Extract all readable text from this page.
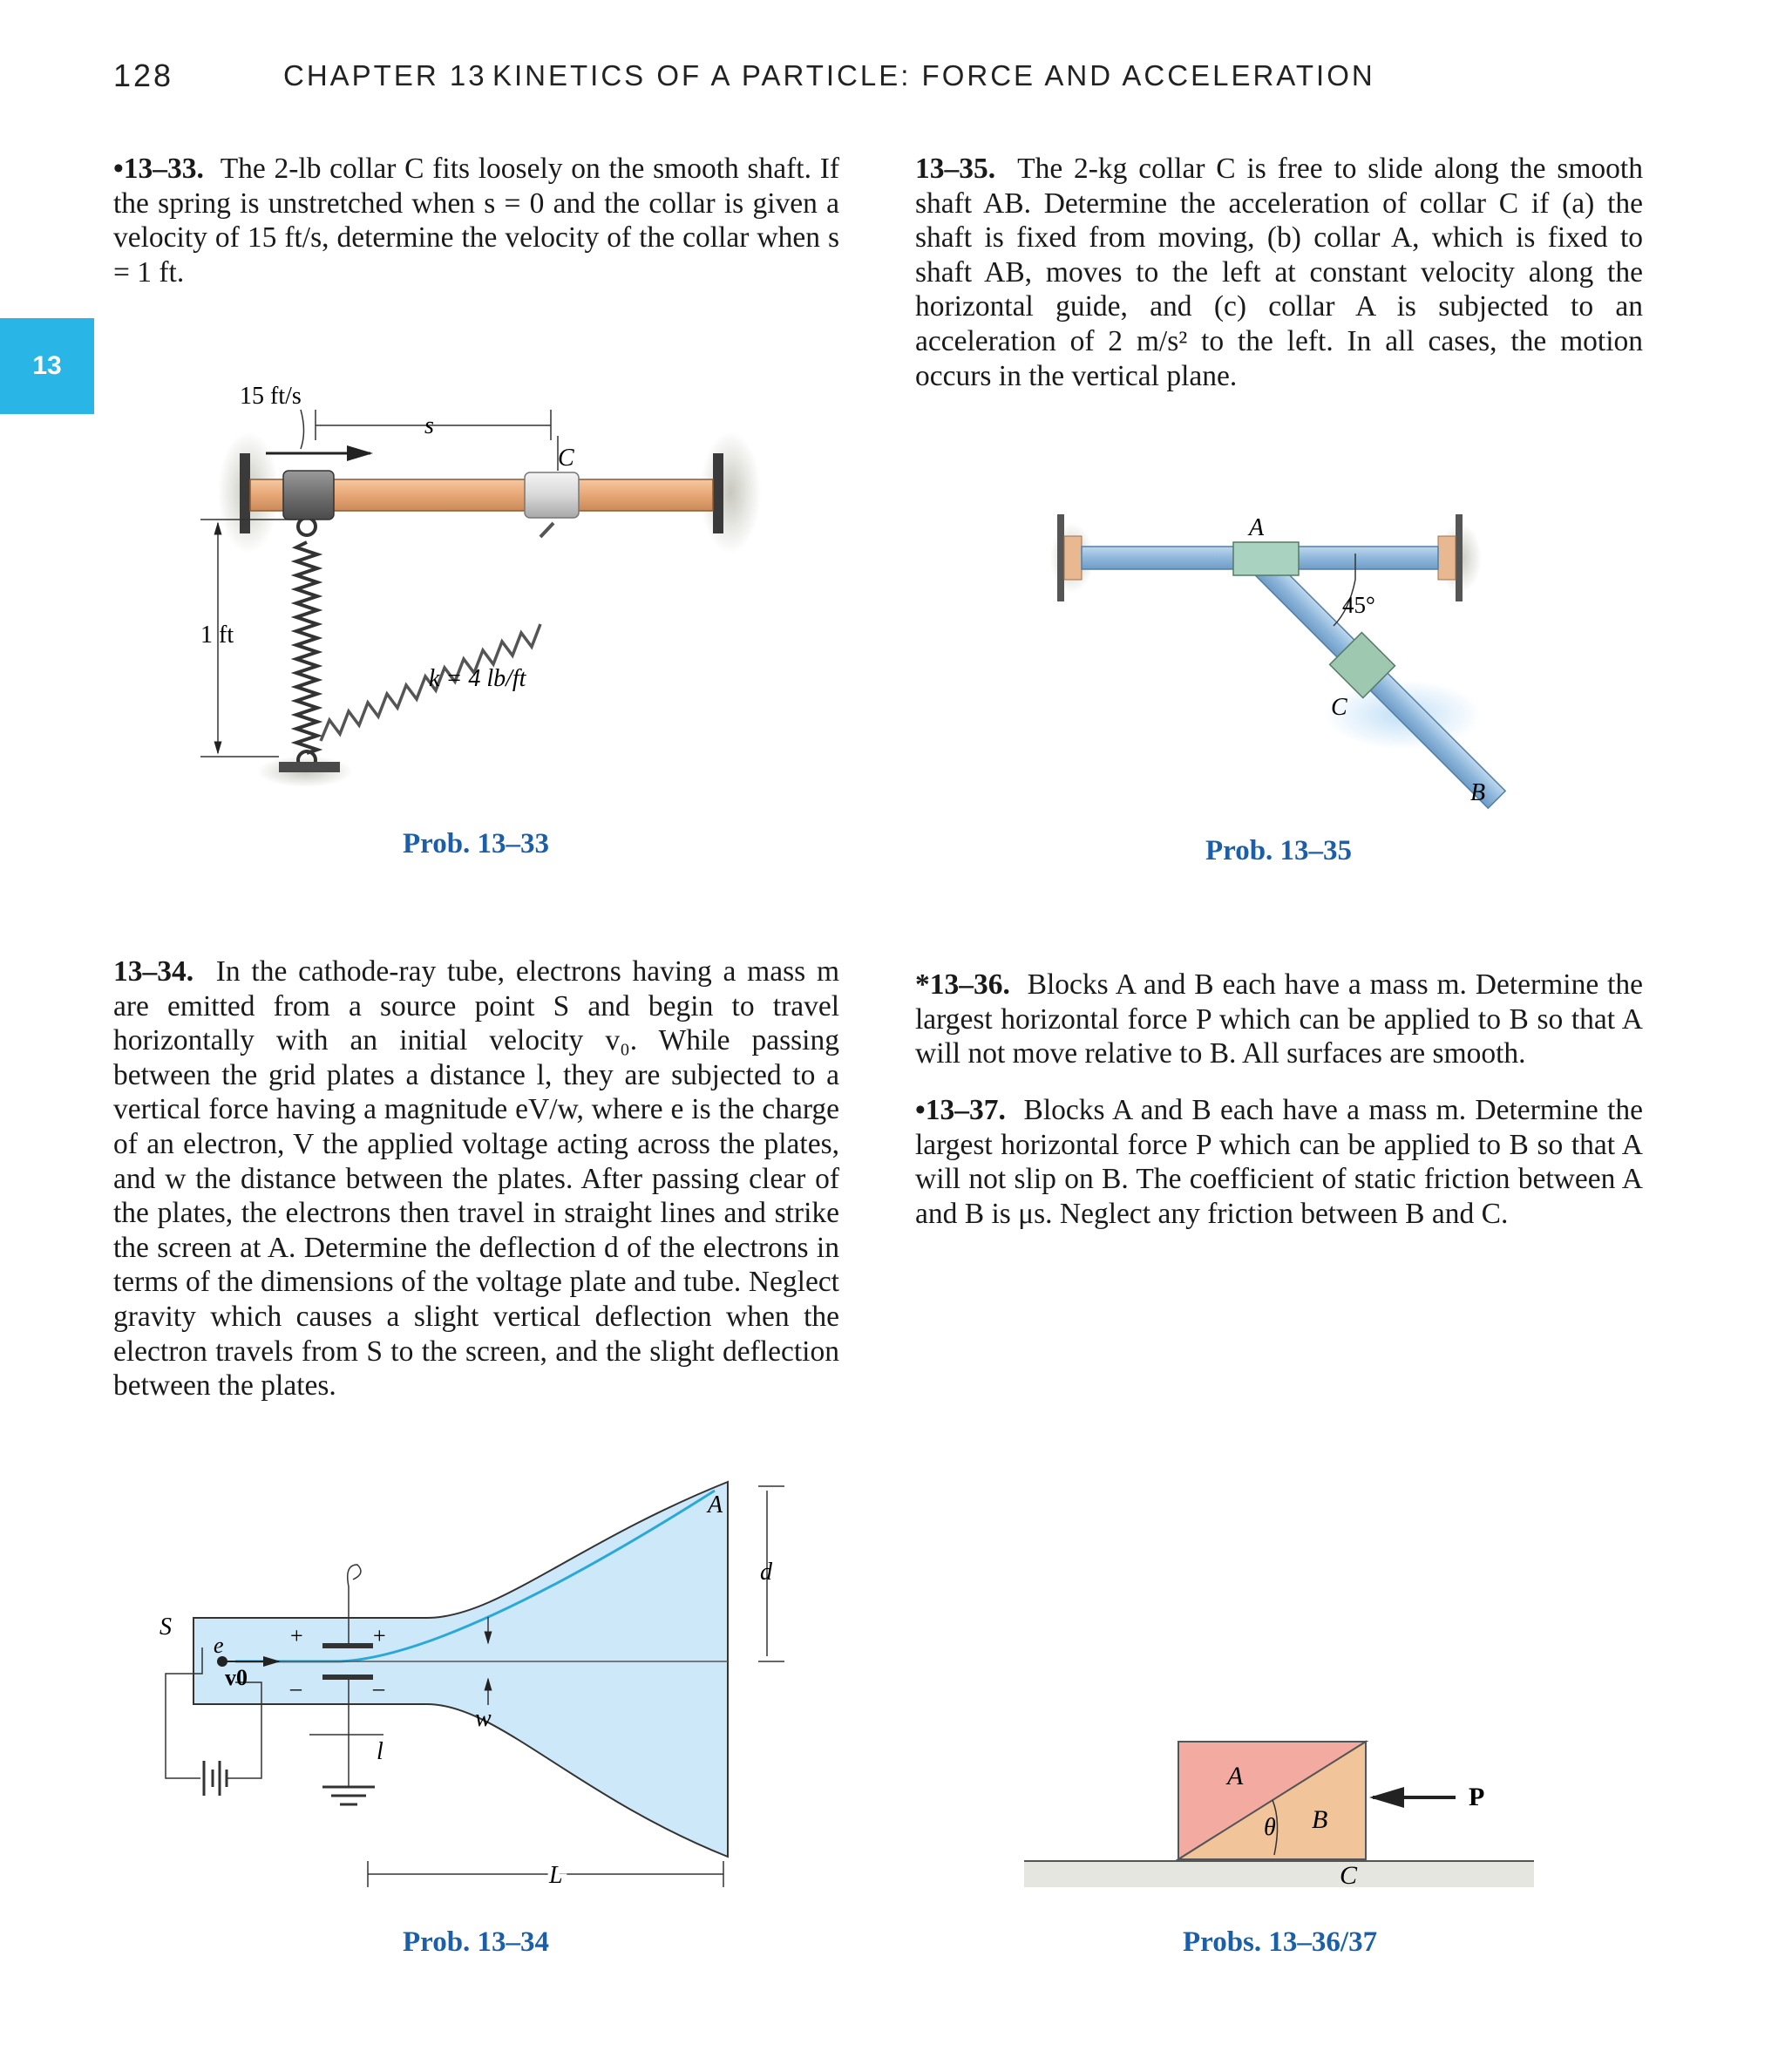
128	CHAPTER 13 KINETICS OF A PARTICLE: FORCE AND ACCELERATION
13

•13–33. The 2-lb collar C fits loosely on the smooth shaft. If the spring is unstretched when s = 0 and the collar is given a velocity of 15 ft/s, determine the velocity of the collar when s = 1 ft.

13–35. The 2-kg collar C is free to slide along the smooth shaft AB. Determine the acceleration of collar C if (a) the shaft is fixed from moving, (b) collar A, which is fixed to shaft AB, moves to the left at constant velocity along the horizontal guide, and (c) collar A is subjected to an acceleration of 2 m/s² to the left. In all cases, the motion occurs in the vertical plane.

13–34. In the cathode-ray tube, electrons having a mass m are emitted from a source point S and begin to travel horizontally with an initial velocity v₀. While passing between the grid plates a distance l, they are subjected to a vertical force having a magnitude eV/w, where e is the charge of an electron, V the applied voltage acting across the plates, and w the distance between the plates. After passing clear of the plates, the electrons then travel in straight lines and strike the screen at A. Determine the deflection d of the electrons in terms of the dimensions of the voltage plate and tube. Neglect gravity which causes a slight vertical deflection when the electron travels from S to the screen, and the slight deflection between the plates.

*13–36. Blocks A and B each have a mass m. Determine the largest horizontal force P which can be applied to B so that A will not move relative to B. All surfaces are smooth.

•13–37. Blocks A and B each have a mass m. Determine the largest horizontal force P which can be applied to B so that A will not slip on B. The coefficient of static friction between A and B is μs. Neglect any friction between B and C.

15 ft/s
s
C
1 ft
k = 4 lb/ft
A
45°
C
B
S
e
v0
+	+
–	–
A
d
w
l
L
A
θ B
C
P
Prob. 13–33	Prob. 13–35
Prob. 13–34	Probs. 13–36/37
